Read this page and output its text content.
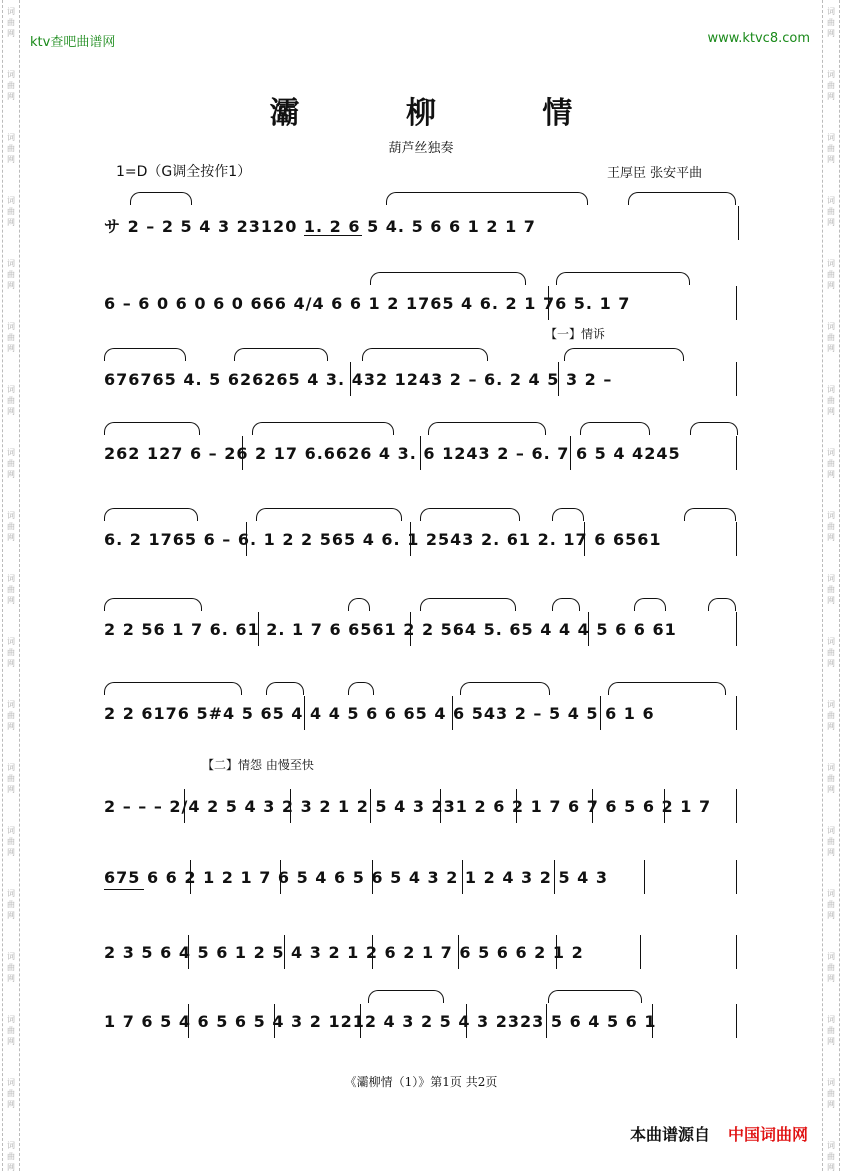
词
曲
网
词
曲
网
词
曲
网
词
曲
网
词
曲
网
词
曲
网
词
曲
网
词
曲
网
词
曲
网
词
曲
网
词
曲
网
词
曲
网
词
曲
网
词
曲
网
词
曲
网
词
曲
网
词
曲
网
词
曲
网
词
曲
网
词
曲
网
词
曲
网
词
曲
网
词
曲
网
词
曲
网
词
曲
网
词
曲
网
词
曲
网
词
曲
网
词
曲
网
词
曲
网
词
曲
网
词
曲
网
词
曲
网
词
曲
网
词
曲
网
词
曲
网
词
曲
网
词
曲
网
ktv查吧曲谱网	www.ktvc8.com
灞 柳 情
葫芦丝独奏
1=D（G调全按作1）	王厚臣 张安平曲
【一】情诉
【二】情怨 由慢至快
サ 2 – 2 5 4 3 23120 1. 2 6 5 4. 5 6 6 1 2 1 7
6 – 6 0 6 0 6 0 666 4/4 6 6 1 2 1765 4 6. 2 1 76 5. 1 7
676765 4. 5 626265 4 3. 432 1243 2 – 6. 2 4 5 3 2 –
262 127 6 – 26 2 17 6.6626 4 3. 6 1243 2 – 6. 7 6 5 4 4245
6. 2 1765 6 – 6. 1 2 2 565 4 6. 1 2543 2. 61 2. 17 6 6561
2 2 56 1 7 6. 61 2. 1 7 6 6561 2 2 564 5. 65 4 4 4 5 6 6 61
2 2 6176 5#4 5 65 4 4 4 5 6 6 65 4 6 543 2 – 5 4 5 6 1 6
2 – – – 2/4 2 5 4 3 2 3 2 1 2 5 4 3 231 2 6 2 1 7 6 7 6 5 6 2 1 7
675 6 6 2 1 2 1 7 6 5 4 6 5 6 5 4 3 2 1 2 4 3 2 5 4 3
2 3 5 6 4 5 6 1 2 5 4 3 2 1 2 6 2 1 7 6 5 6 6 2 1 2
1 7 6 5 4 6 5 6 5 4 3 2 1212 4 3 2 5 4 3 2323 5 6 4 5 6 1
《灞柳情（1）》第1页 共2页
本曲谱源自 中国词曲网
